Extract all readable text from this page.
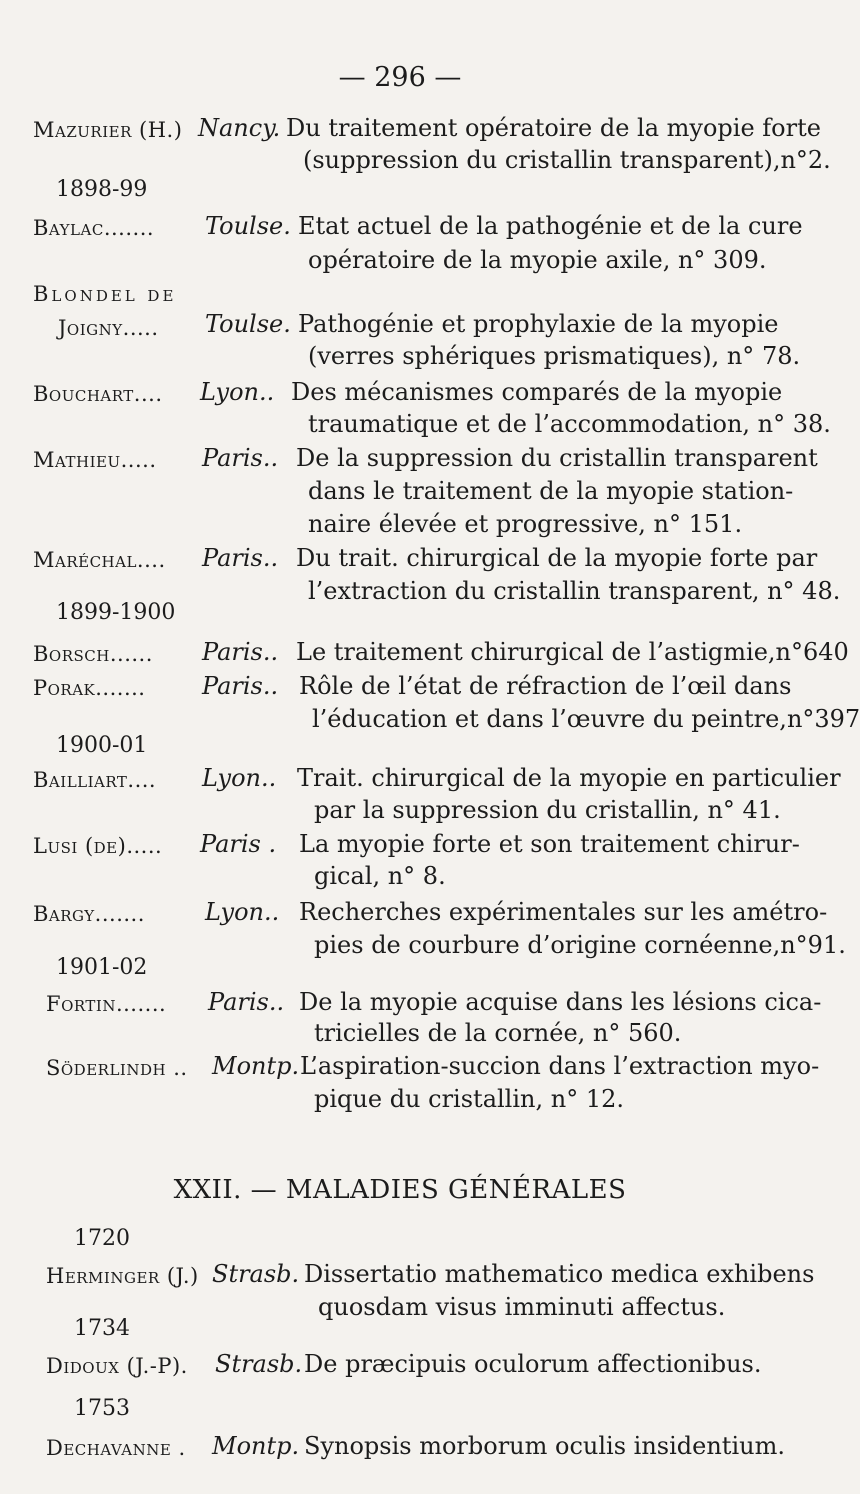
— 296 —
Mazurier (H.) Nancy. Du traitement opératoire de la myopie forte
(suppression du cristallin transparent),n°2.
1898-99
Baylac....... Toulse. Etat actuel de la pathogénie et de la cure
opératoire de la myopie axile, n° 309.
Blondel de
Joigny..... Toulse. Pathogénie et prophylaxie de la myopie
(verres sphériques prismatiques), n° 78.
Bouchart.... Lyon.. Des mécanismes comparés de la myopie
traumatique et de l’accommodation, n° 38.
Mathieu..... Paris.. De la suppression du cristallin transparent
dans le traitement de la myopie station-
naire élevée et progressive, n° 151.
Maréchal.... Paris.. Du trait. chirurgical de la myopie forte par
l’extraction du cristallin transparent, n° 48.
1899-1900
Borsch...... Paris.. Le traitement chirurgical de l’astigmie,n°640
Porak....... Paris.. Rôle de l’état de réfraction de l’œil dans
l’éducation et dans l’œuvre du peintre,n°397
1900-01
Bailliart.... Lyon.. Trait. chirurgical de la myopie en particulier
par la suppression du cristallin, n° 41.
Lusi (de)..... Paris . La myopie forte et son traitement chirur-
gical, n° 8.
Bargy.......	Lyon.. Recherches expérimentales sur les amétro-
pies de courbure d’origine cornéenne,n°91.
1901-02
Fortin....... Paris.. De la myopie acquise dans les lésions cica-
tricielles de la cornée, n° 560.
Söderlindh .. Montp. L’aspiration-succion dans l’extraction myo-
pique du cristallin, n° 12.
XXII. — MALADIES GÉNÉRALES
1720
Herminger (J.) Strasb. Dissertatio mathematico medica exhibens
quosdam visus imminuti affectus.
1734
Didoux (J.-P). Strasb. De præcipuis oculorum affectionibus.
1753
Dechavanne . Montp. Synopsis morborum oculis insidentium.
